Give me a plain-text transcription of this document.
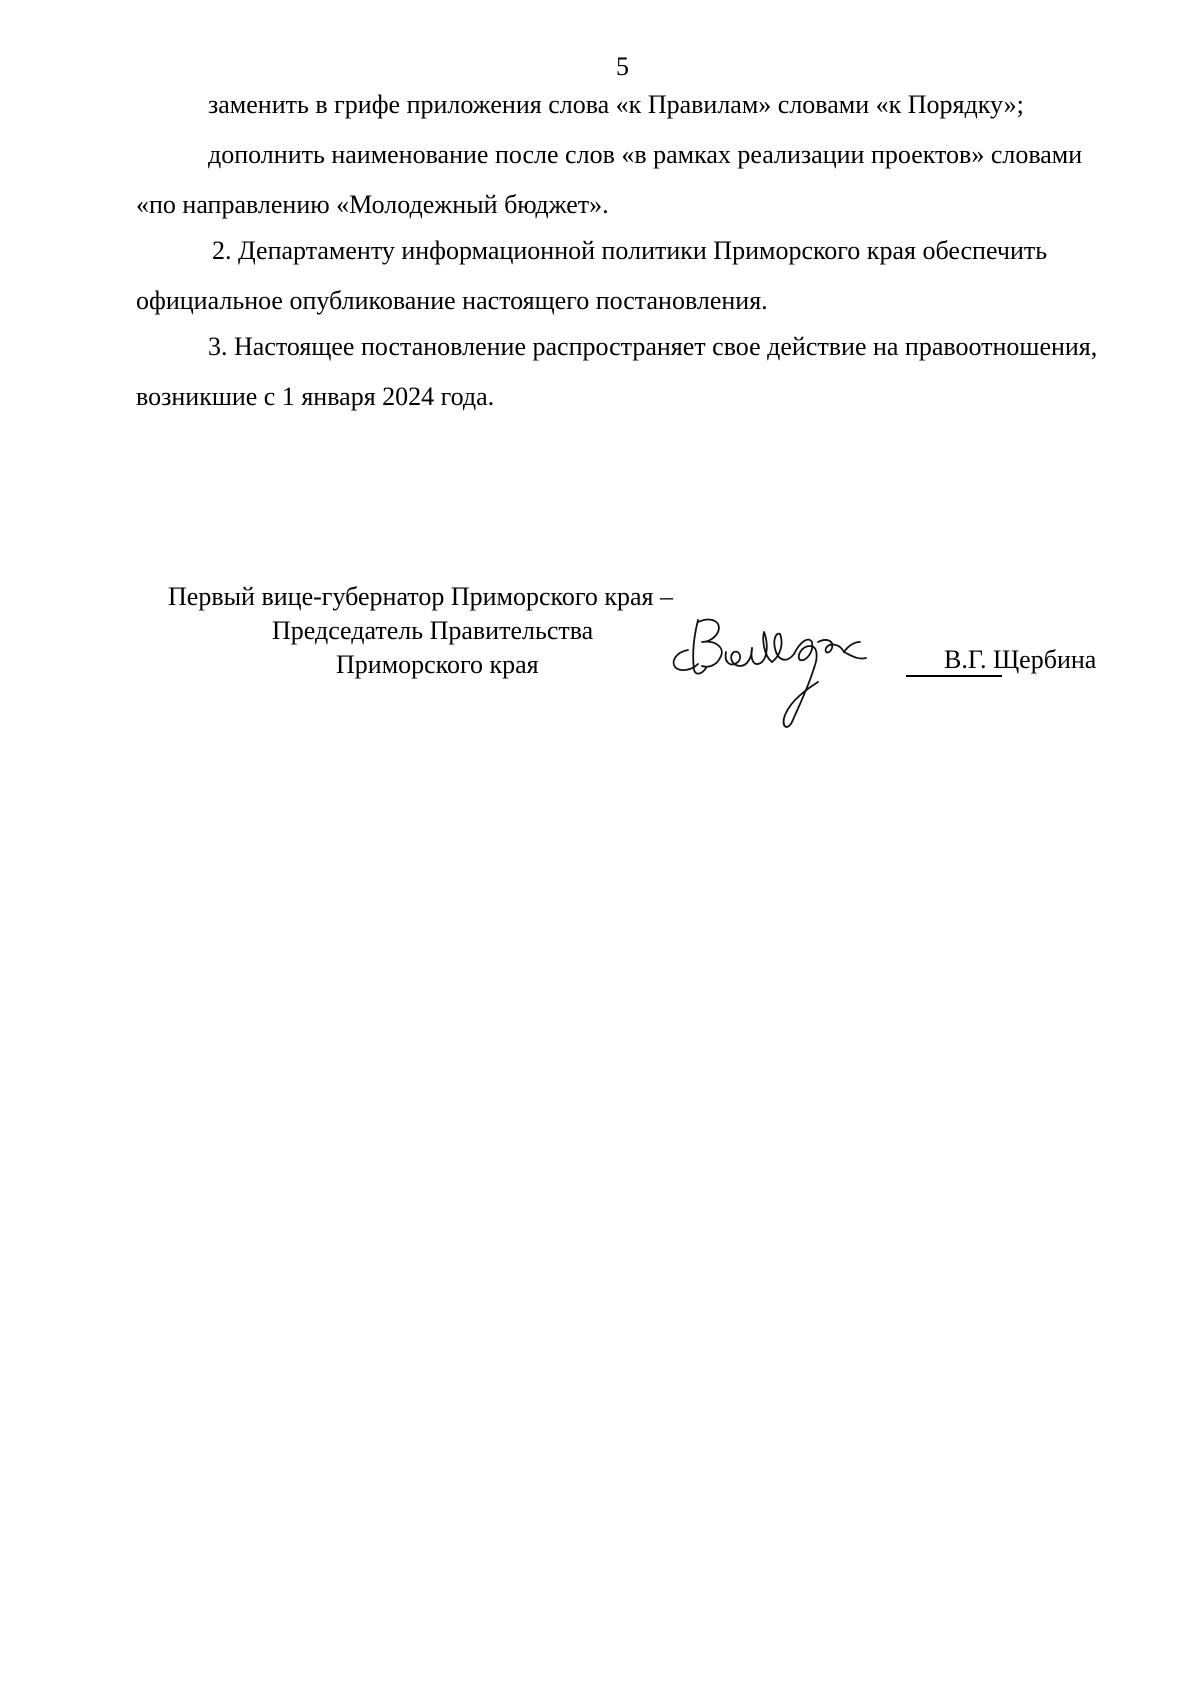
5

заменить в грифе приложения слова «к Правилам» словами «к Порядку»;

дополнить наименование после слов «в рамках реализации проектов» словами «по направлению «Молодежный бюджет».

2. Департаменту информационной политики Приморского края обеспечить официальное опубликование настоящего постановления.

3. Настоящее постановление распространяет свое действие на правоотношения, возникшие с 1 января 2024 года.

Первый вице-губернатор Приморского края –
Председатель Правительства
Приморского края	В.Г. Щербина
